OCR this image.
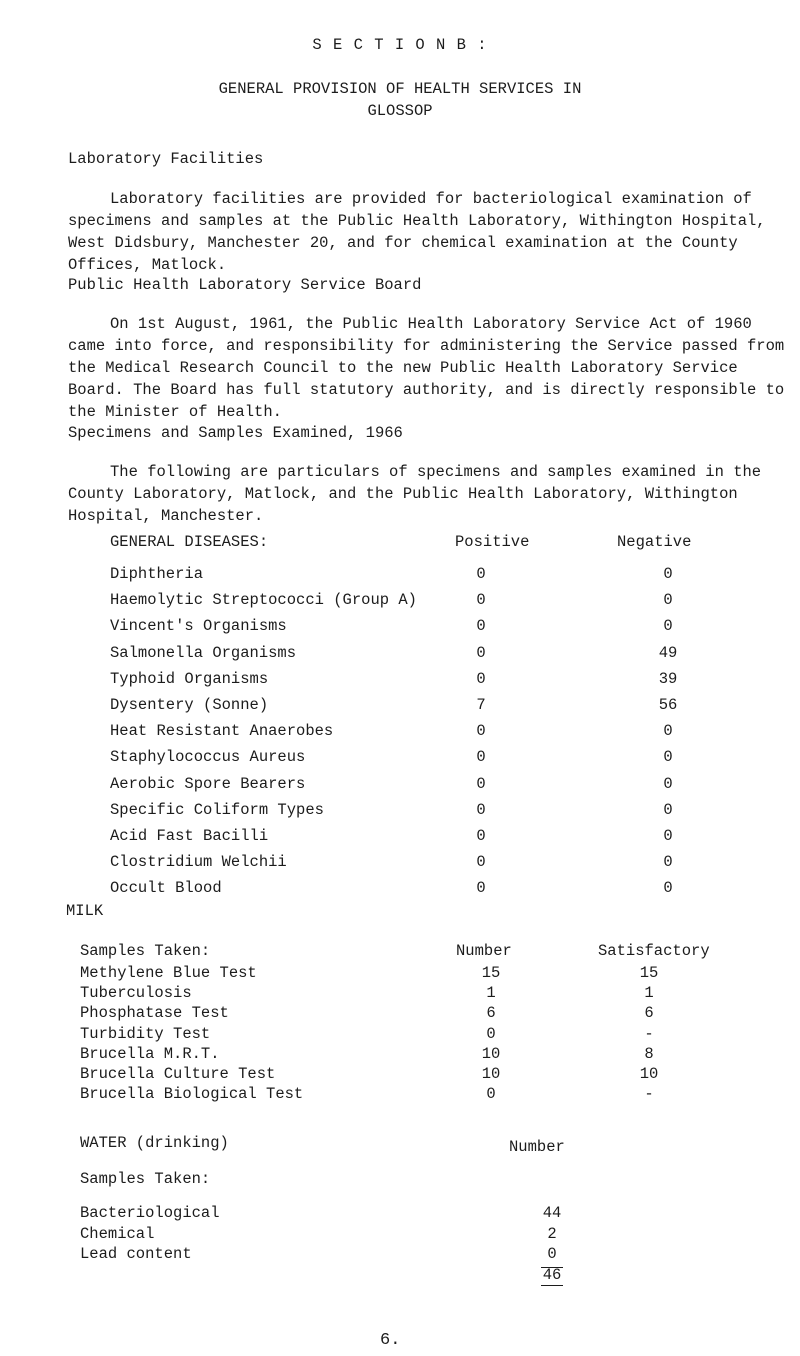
S E C T I O N B :
GENERAL PROVISION OF HEALTH SERVICES IN
GLOSSOP
Laboratory Facilities
Laboratory facilities are provided for bacteriological examination of specimens and samples at the Public Health Laboratory, Withington Hospital, West Didsbury, Manchester 20, and for chemical examination at the County Offices, Matlock.
Public Health Laboratory Service Board
On 1st August, 1961, the Public Health Laboratory Service Act of 1960 came into force, and responsibility for administering the Service passed from the Medical Research Council to the new Public Health Laboratory Service Board. The Board has full statutory authority, and is directly responsible to the Minister of Health.
Specimens and Samples Examined, 1966
The following are particulars of specimens and samples examined in the County Laboratory, Matlock, and the Public Health Laboratory, Withington Hospital, Manchester.
GENERAL DISEASES:	Positive	Negative
Diphtheria	0	0
Haemolytic Streptococci (Group A)	0	0
Vincent's Organisms	0	0
Salmonella Organisms	0	49
Typhoid Organisms	0	39
Dysentery (Sonne)	7	56
Heat Resistant Anaerobes	0	0
Staphylococcus Aureus	0	0
Aerobic Spore Bearers	0	0
Specific Coliform Types	0	0
Acid Fast Bacilli	0	0
Clostridium Welchii	0	0
Occult Blood	0	0
MILK
Samples Taken:	Number	Satisfactory
Methylene Blue Test	15	15
Tuberculosis	1	1
Phosphatase Test	6	6
Turbidity Test	0	-
Brucella M.R.T.	10	8
Brucella Culture Test	10	10
Brucella Biological Test	0	-
WATER (drinking)	Number
Samples Taken:
Bacteriological	44
Chemical	2
Lead content	0
46
6.
